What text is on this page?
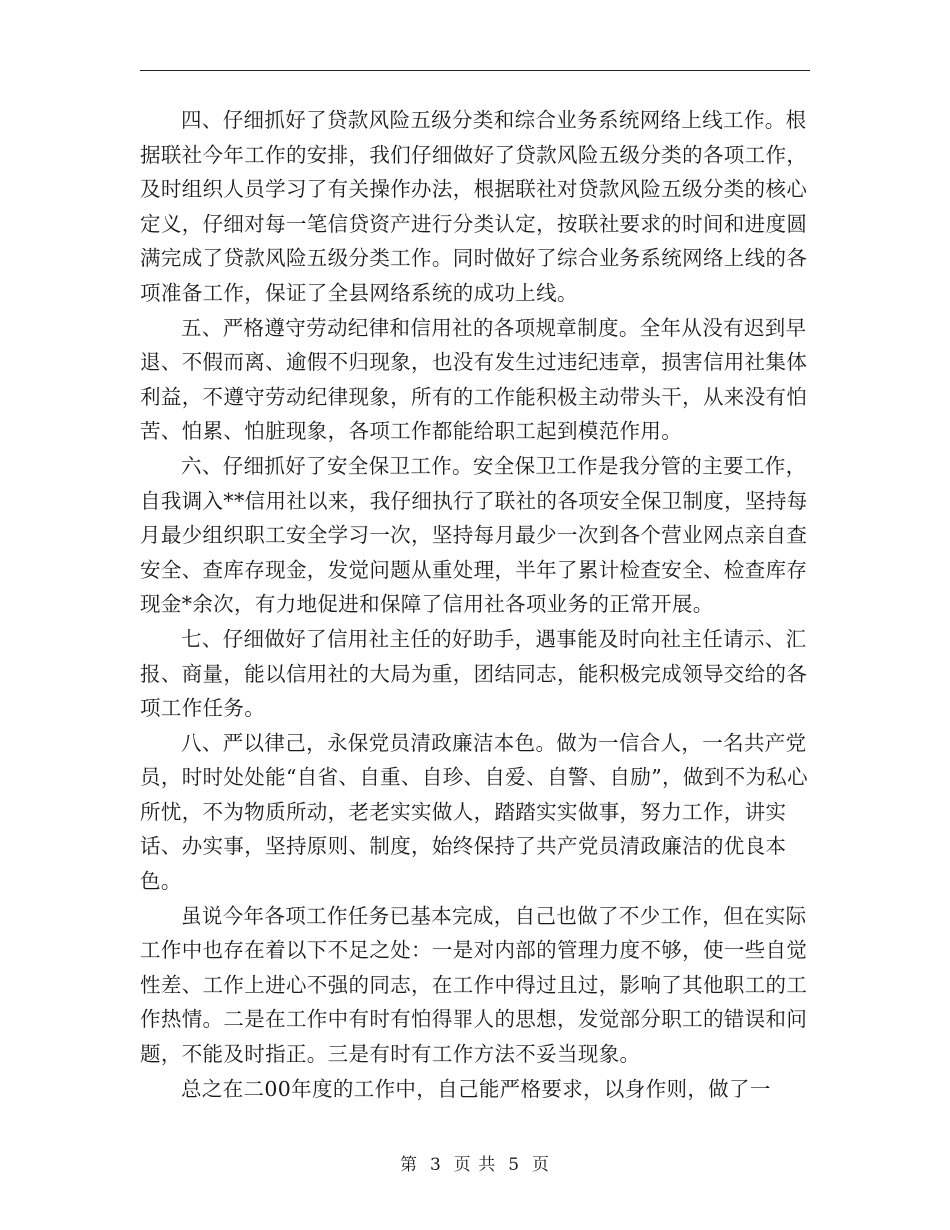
四、仔细抓好了贷款风险五级分类和综合业务系统网络上线工作。根据联社今年工作的安排，我们仔细做好了贷款风险五级分类的各项工作，及时组织人员学习了有关操作办法，根据联社对贷款风险五级分类的核心定义，仔细对每一笔信贷资产进行分类认定，按联社要求的时间和进度圆满完成了贷款风险五级分类工作。同时做好了综合业务系统网络上线的各项准备工作，保证了全县网络系统的成功上线。

五、严格遵守劳动纪律和信用社的各项规章制度。全年从没有迟到早退、不假而离、逾假不归现象，也没有发生过违纪违章，损害信用社集体利益，不遵守劳动纪律现象，所有的工作能积极主动带头干，从来没有怕苦、怕累、怕脏现象，各项工作都能给职工起到模范作用。

六、仔细抓好了安全保卫工作。安全保卫工作是我分管的主要工作，自我调入**信用社以来，我仔细执行了联社的各项安全保卫制度，坚持每月最少组织职工安全学习一次，坚持每月最少一次到各个营业网点亲自查安全、查库存现金，发觉问题从重处理，半年了累计检查安全、检查库存现金*余次，有力地促进和保障了信用社各项业务的正常开展。

七、仔细做好了信用社主任的好助手，遇事能及时向社主任请示、汇报、商量，能以信用社的大局为重，团结同志，能积极完成领导交给的各项工作任务。

八、严以律己，永保党员清政廉洁本色。做为一信合人，一名共产党员，时时处处能“自省、自重、自珍、自爱、自警、自励”，做到不为私心所忧，不为物质所动，老老实实做人，踏踏实实做事，努力工作，讲实话、办实事，坚持原则、制度，始终保持了共产党员清政廉洁的优良本色。

虽说今年各项工作任务已基本完成，自己也做了不少工作，但在实际工作中也存在着以下不足之处：一是对内部的管理力度不够，使一些自觉性差、工作上进心不强的同志，在工作中得过且过，影响了其他职工的工作热情。二是在工作中有时有怕得罪人的思想，发觉部分职工的错误和问题，不能及时指正。三是有时有工作方法不妥当现象。

总之在二00年度的工作中，自己能严格要求，以身作则，做了一

第 3 页 共 5 页
